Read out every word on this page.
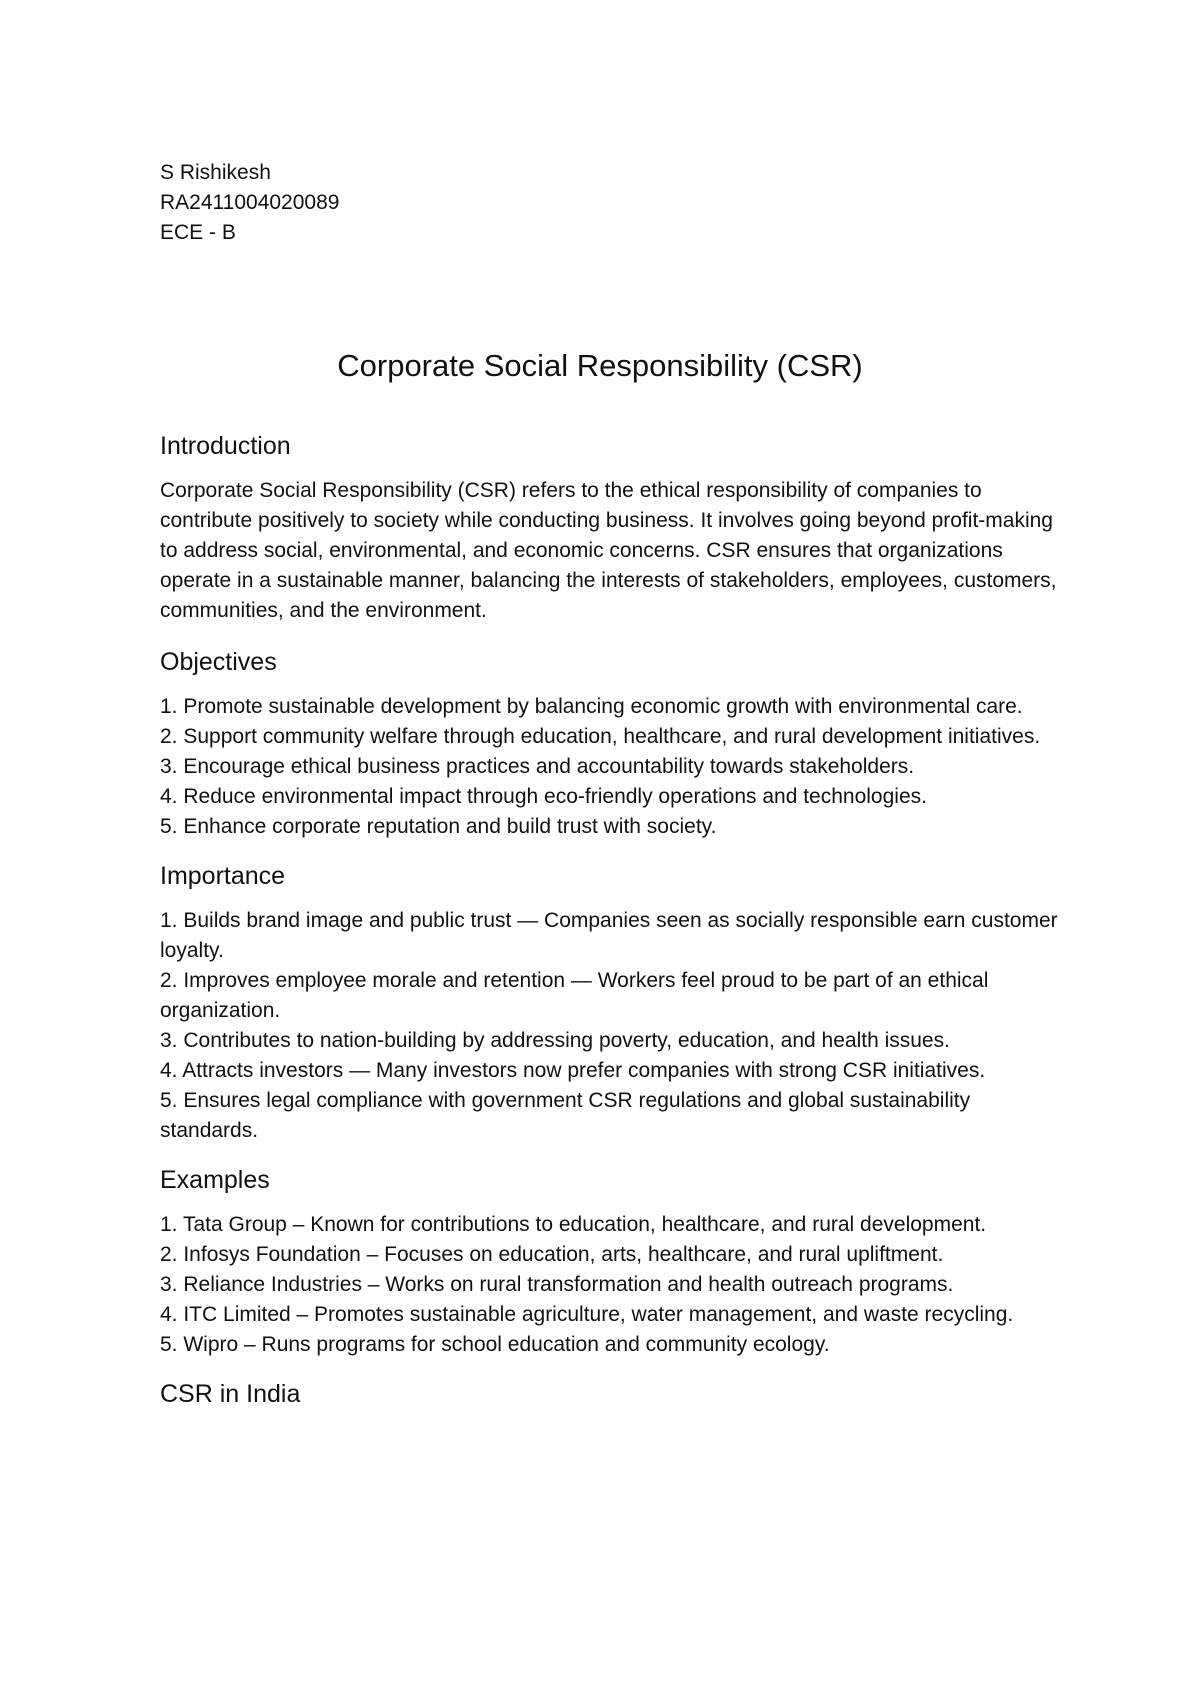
S Rishikesh
RA2411004020089
ECE - B
Corporate Social Responsibility (CSR)
Introduction

Corporate Social Responsibility (CSR) refers to the ethical responsibility of companies to contribute positively to society while conducting business. It involves going beyond profit-making to address social, environmental, and economic concerns. CSR ensures that organizations operate in a sustainable manner, balancing the interests of stakeholders, employees, customers, communities, and the environment.

Objectives
1. Promote sustainable development by balancing economic growth with environmental care.
2. Support community welfare through education, healthcare, and rural development initiatives.
3. Encourage ethical business practices and accountability towards stakeholders.
4. Reduce environmental impact through eco-friendly operations and technologies.
5. Enhance corporate reputation and build trust with society.
Importance
1. Builds brand image and public trust — Companies seen as socially responsible earn customer loyalty.
2. Improves employee morale and retention — Workers feel proud to be part of an ethical organization.
3. Contributes to nation-building by addressing poverty, education, and health issues.
4. Attracts investors — Many investors now prefer companies with strong CSR initiatives.
5. Ensures legal compliance with government CSR regulations and global sustainability standards.
Examples
1. Tata Group – Known for contributions to education, healthcare, and rural development.
2. Infosys Foundation – Focuses on education, arts, healthcare, and rural upliftment.
3. Reliance Industries – Works on rural transformation and health outreach programs.
4. ITC Limited – Promotes sustainable agriculture, water management, and waste recycling.
5. Wipro – Runs programs for school education and community ecology.
CSR in India
